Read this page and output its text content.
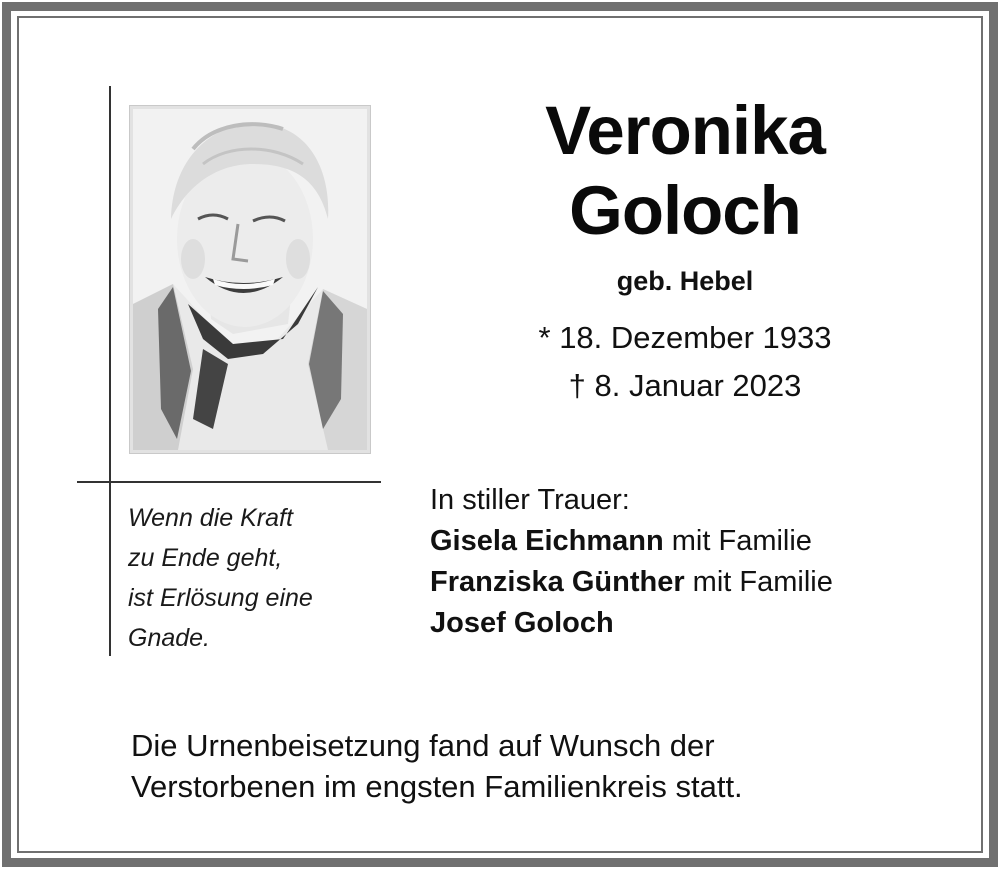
Veronika
Goloch
geb. Hebel
* 18. Dezember 1933
† 8. Januar 2023
Wenn die Kraft
zu Ende geht,
ist Erlösung eine
Gnade.
In stiller Trauer:
Gisela Eichmann mit Familie
Franziska Günther mit Familie
Josef Goloch
Die Urnenbeisetzung fand auf Wunsch der
Verstorbenen im engsten Familienkreis statt.
